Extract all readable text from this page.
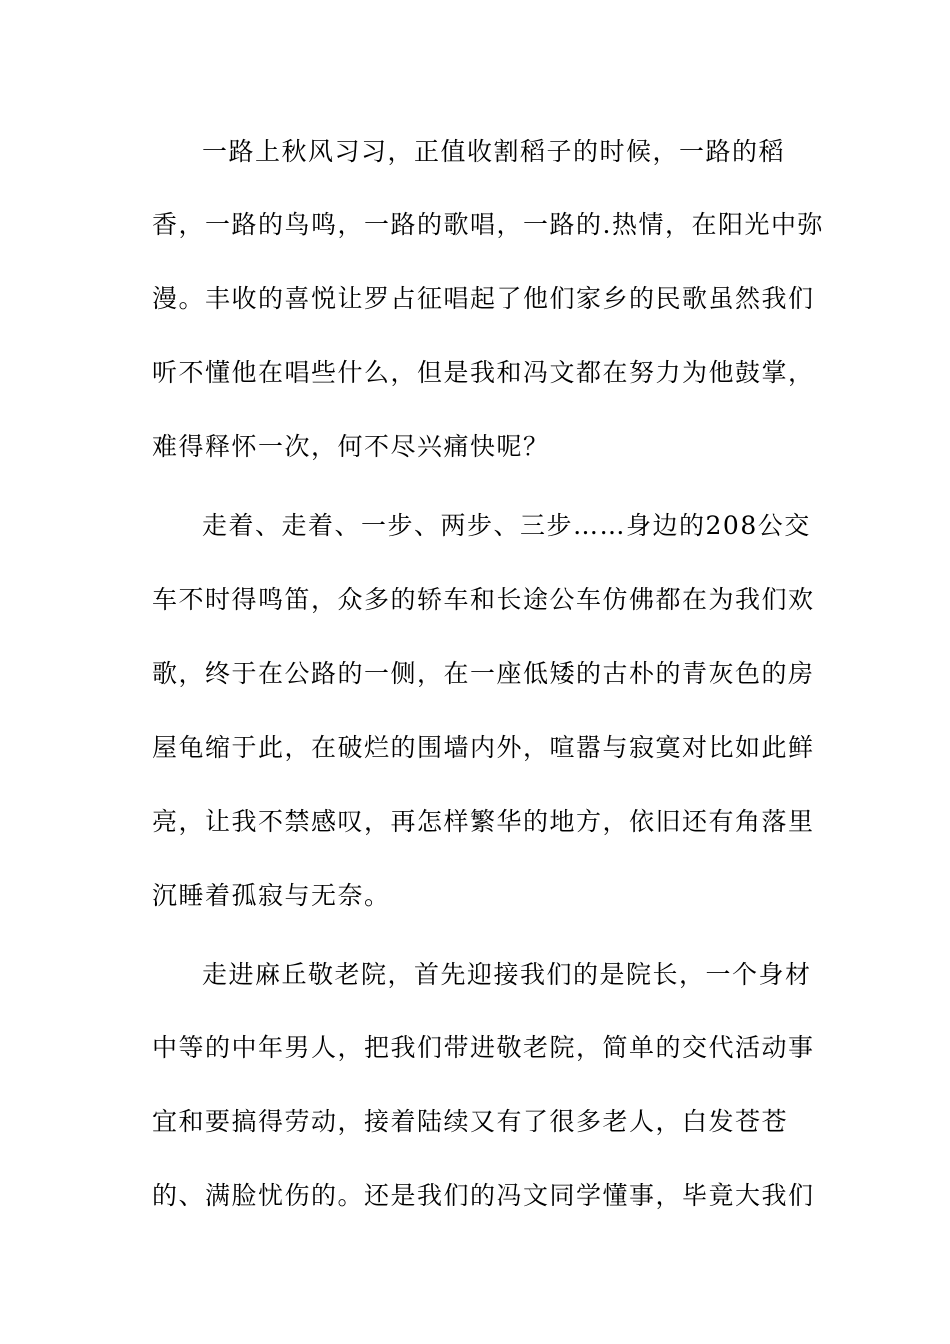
一路上秋风习习，正值收割稻子的时候，一路的稻
香，一路的鸟鸣，一路的歌唱，一路的.热情，在阳光中弥
漫。丰收的喜悦让罗占征唱起了他们家乡的民歌虽然我们
听不懂他在唱些什么，但是我和冯文都在努力为他鼓掌，
难得释怀一次，何不尽兴痛快呢？
走着、走着、一步、两步、三步……身边的208公交
车不时得鸣笛，众多的轿车和长途公车仿佛都在为我们欢
歌，终于在公路的一侧，在一座低矮的古朴的青灰色的房
屋龟缩于此，在破烂的围墙内外，喧嚣与寂寞对比如此鲜
亮，让我不禁感叹，再怎样繁华的地方，依旧还有角落里
沉睡着孤寂与无奈。
走进麻丘敬老院，首先迎接我们的是院长，一个身材
中等的中年男人，把我们带进敬老院，简单的交代活动事
宜和要搞得劳动，接着陆续又有了很多老人，白发苍苍
的、满脸忧伤的。还是我们的冯文同学懂事，毕竟大我们
